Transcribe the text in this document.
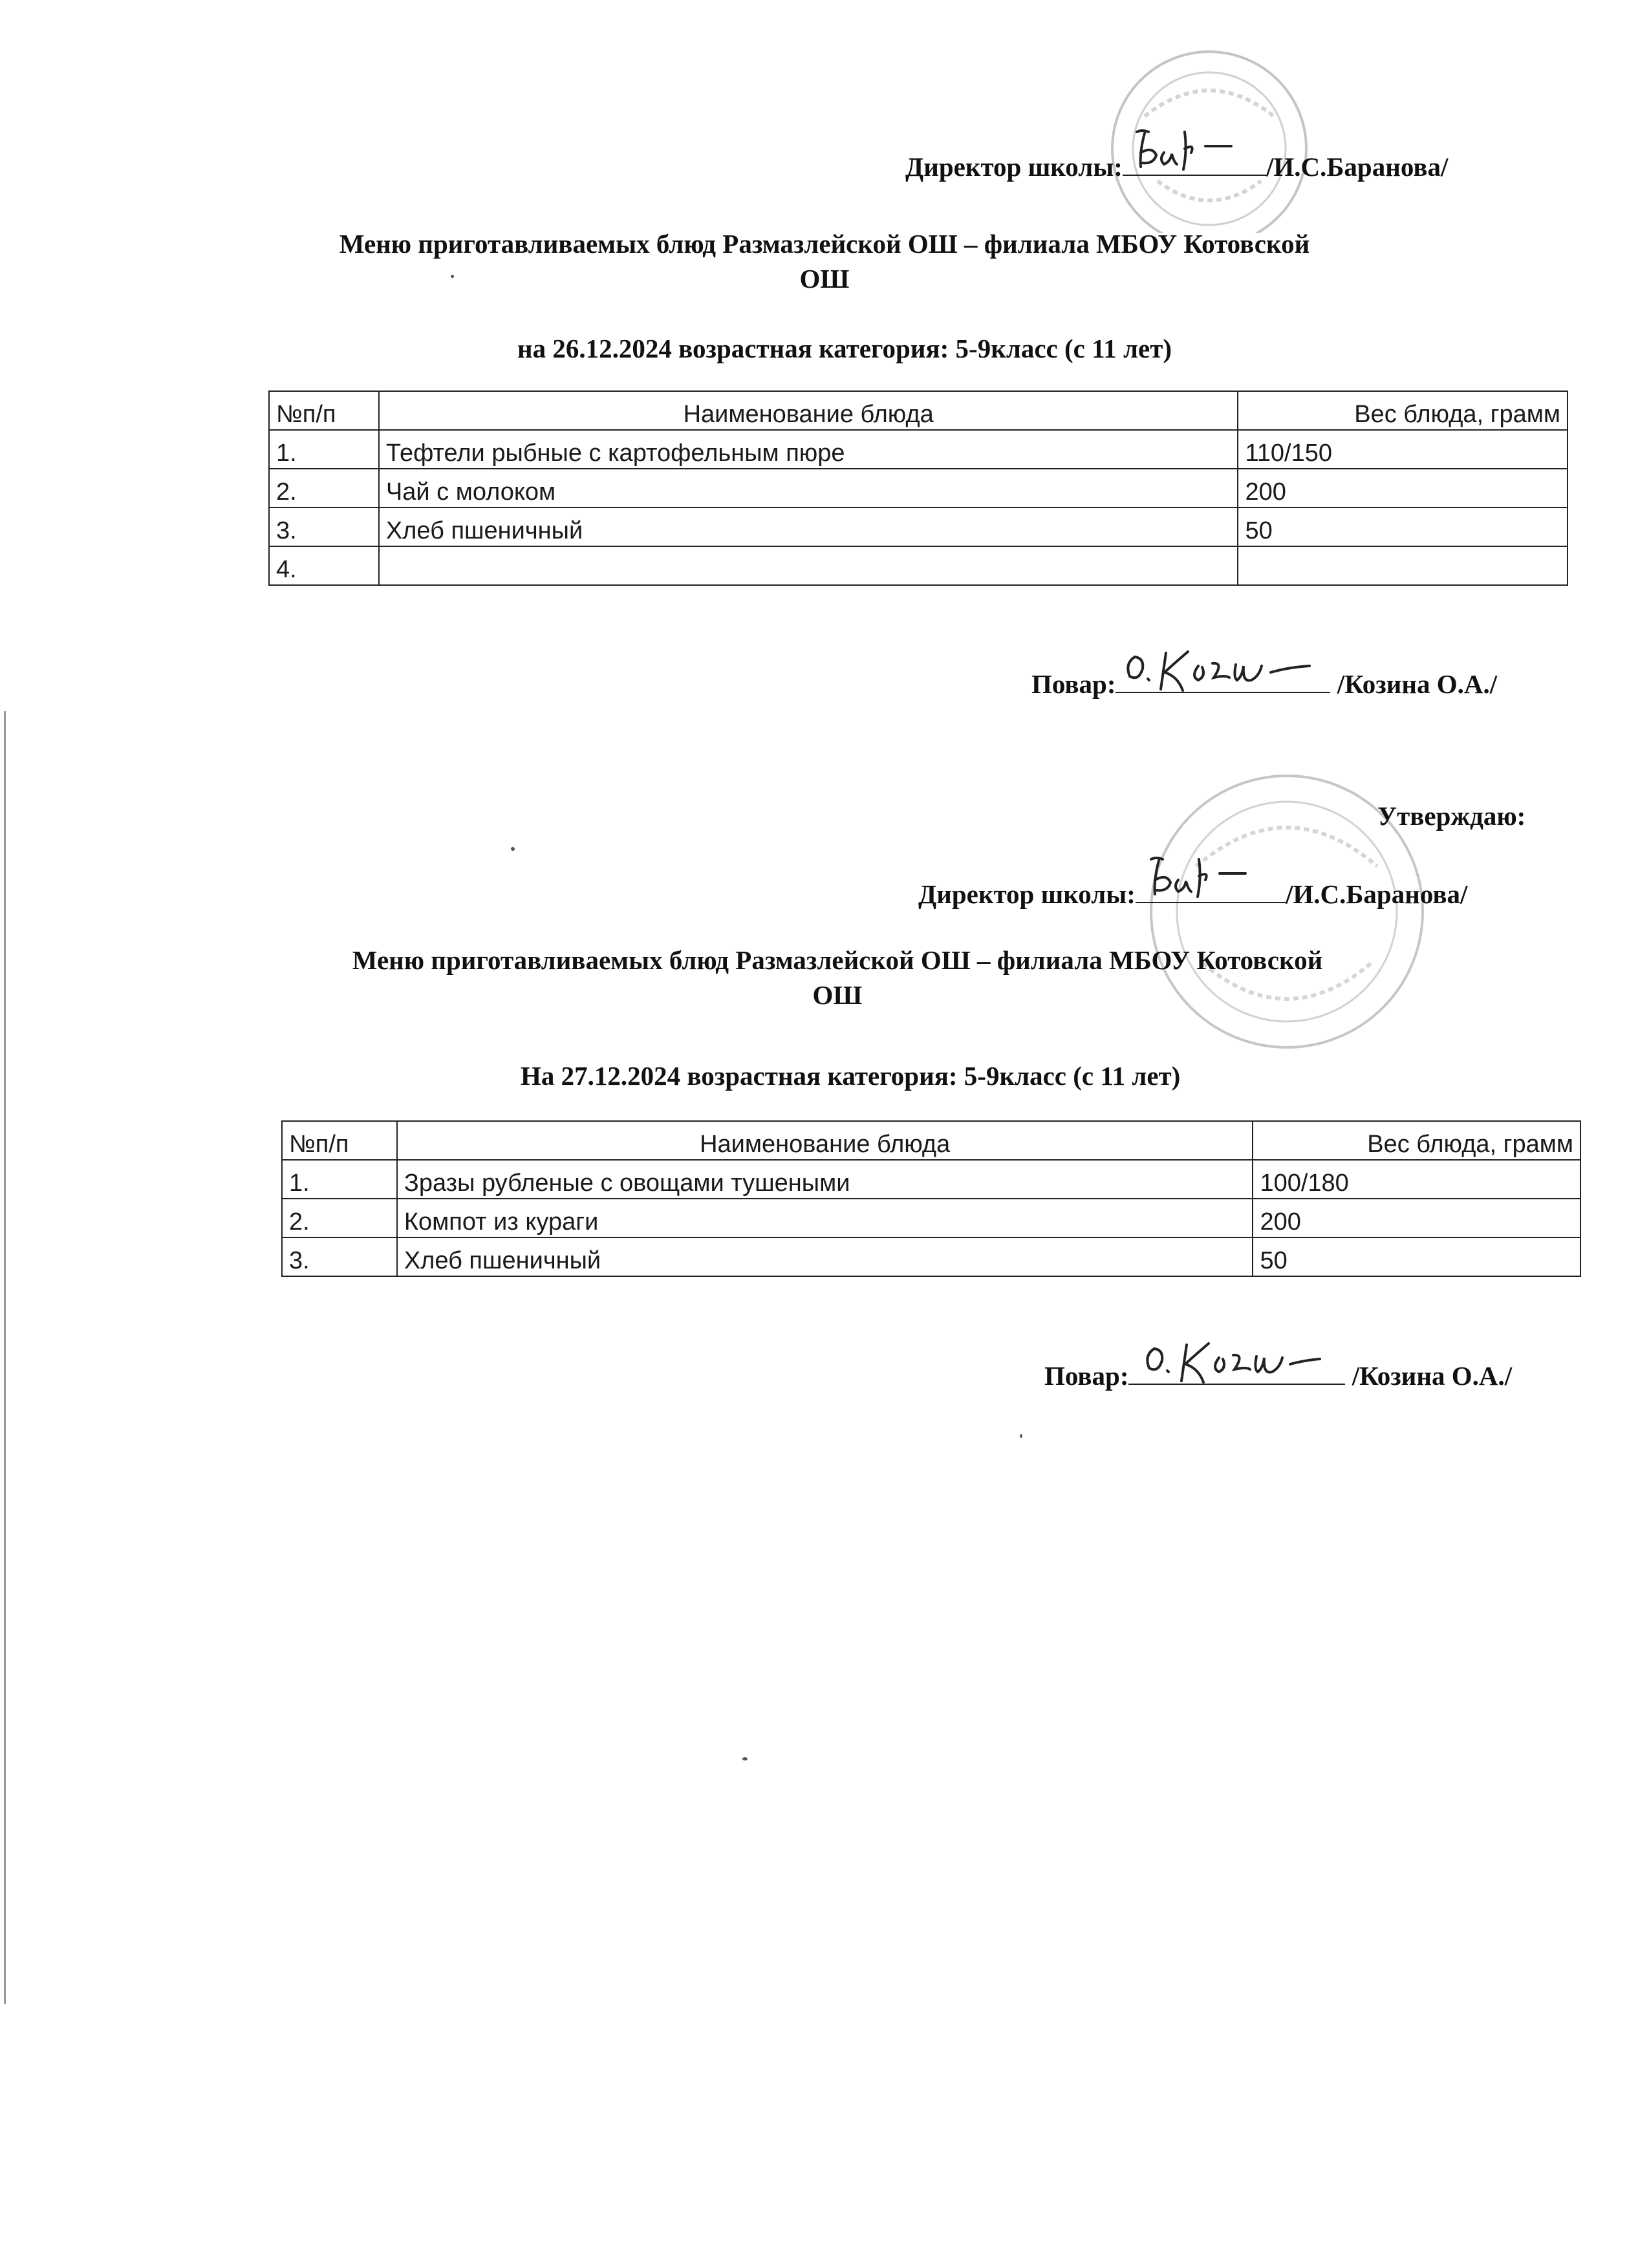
Директор школы:	/И.С.Баранова/
Меню приготавливаемых блюд Размазлейской ОШ – филиала МБОУ Котовской
ОШ
на 26.12.2024 возрастная категория: 5-9класс (с 11 лет)
№п/п	Наименование блюда	Вес блюда, грамм
1.	Тефтели рыбные с картофельным пюре	110/150
2.	Чай с молоком	200
3.	Хлеб пшеничный	50
4.		
Повар:	/Козина О.А./
Утверждаю:
Директор школы:	/И.С.Баранова/
Меню приготавливаемых блюд Размазлейской ОШ – филиала МБОУ Котовской
ОШ
На 27.12.2024 возрастная категория: 5-9класс (с 11 лет)
№п/п	Наименование блюда	Вес блюда, грамм
1.	Зразы рубленые с овощами тушеными	100/180
2.	Компот из кураги	200
3.	Хлеб пшеничный	50
Повар:	/Козина О.А./
